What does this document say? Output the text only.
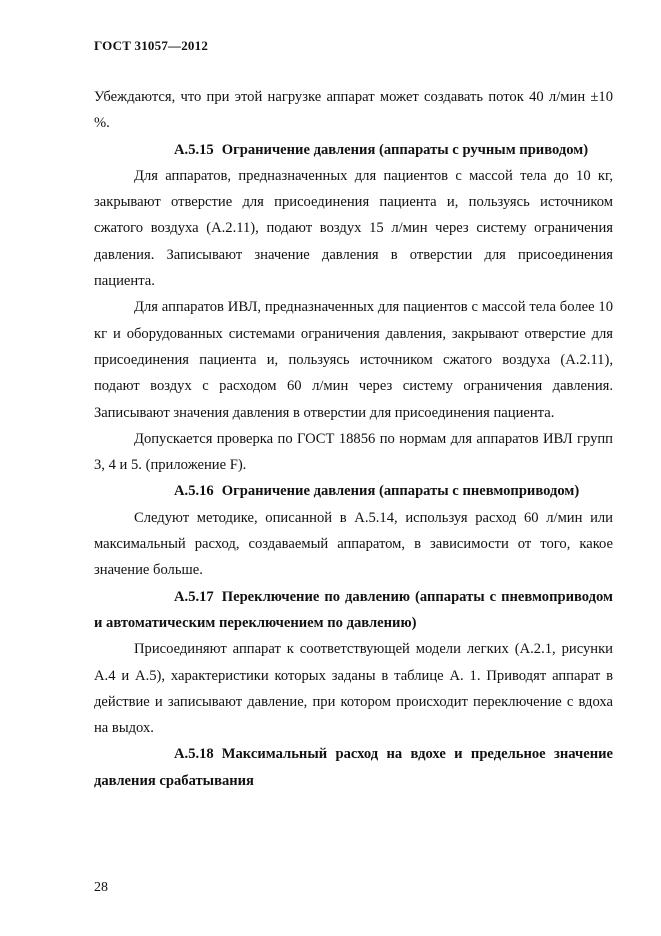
ГОСТ 31057—2012

Убеждаются, что при этой нагрузке аппарат может создавать поток 40 л/мин ±10 %.

A.5.15 Ограничение давления (аппараты с ручным приводом)

Для аппаратов, предназначенных для пациентов с массой тела до 10 кг, закрывают отверстие для присоединения пациента и, пользуясь источником сжатого воздуха (A.2.11), подают воздух 15 л/мин через систему ограничения давления. Записывают значение давления в отверстии для присоединения пациента.

Для аппаратов ИВЛ, предназначенных для пациентов с массой тела более 10 кг и оборудованных системами ограничения давления, закрывают отверстие для присоединения пациента и, пользуясь источником сжатого воздуха (А.2.11), подают воздух с расходом 60 л/мин через систему ограничения давления. Записывают значения давления в отверстии для присоединения пациента.

Допускается проверка по ГОСТ 18856 по нормам для аппаратов ИВЛ групп 3, 4 и 5. (приложение F).

A.5.16 Ограничение давления (аппараты с пневмоприводом)

Следуют методике, описанной в А.5.14, используя расход 60 л/мин или максимальный расход, создаваемый аппаратом, в зависимости от того, какое значение больше.

A.5.17 Переключение по давлению (аппараты с пневмоприводом и автоматическим переключением по давлению)

Присоединяют аппарат к соответствующей модели легких (A.2.1, рисунки А.4 и А.5), характеристики которых заданы в таблице А. 1. Приводят аппарат в действие и записывают давление, при котором происходит переключение с вдоха на выдох.

A.5.18 Максимальный расход на вдохе и предельное значение давления срабатывания

28
